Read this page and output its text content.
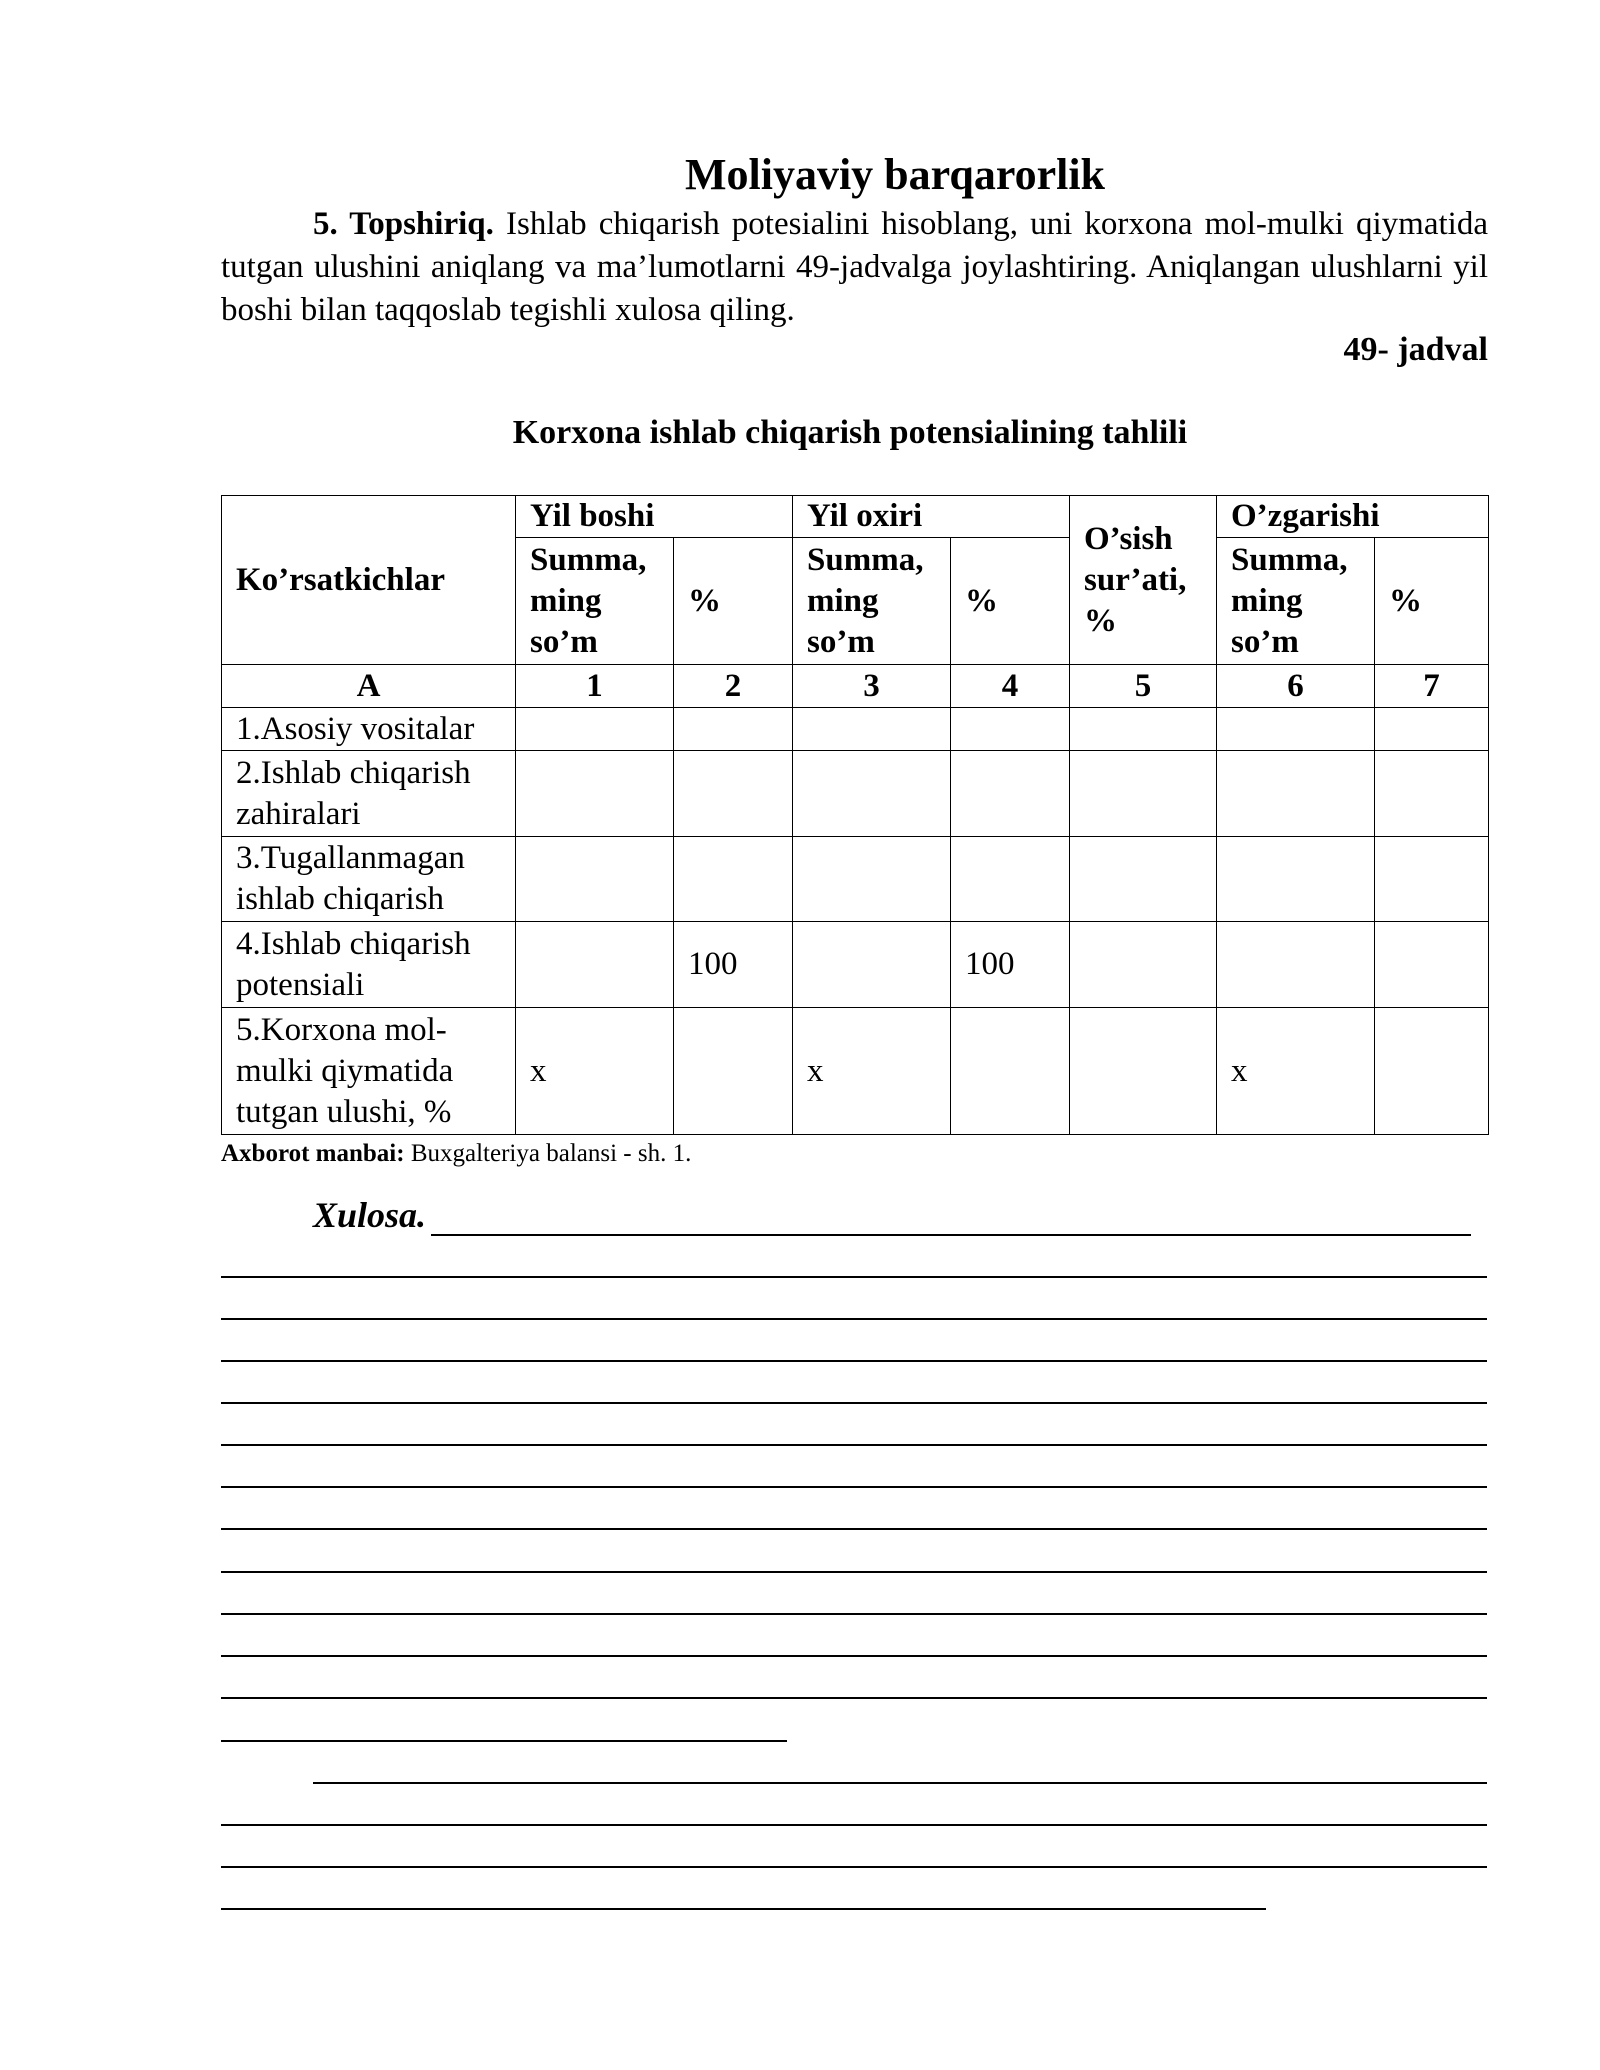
Moliyaviy barqarorlik
5. Topshiriq. Ishlab chiqarish potesialini hisoblang, uni korxona mol-mulki qiymatida tutgan ulushini aniqlang va ma’lumotlarni 49-jadvalga joylashtiring. Aniqlangan ulushlarni yil boshi bilan taqqoslab tegishli xulosa qiling.
49- jadval
Korxona ishlab chiqarish potensialining tahlili
Ko’rsatkichlar	Yil boshi		Yil oxiri		O’sish sur’ati, %	O’zgarishi	
	Summa, ming so’m	%	Summa, ming so’m	%		Summa, ming so’m	%
A	1	2	3	4	5	6	7
1.Asosiy vositalar							
2.Ishlab chiqarish zahiralari							
3.Tugallanmagan ishlab chiqarish							
4.Ishlab chiqarish potensiali		100		100			
5.Korxona mol-mulki qiymatida tutgan ulushi, %	x		x			x	
Axborot manbai: Buxgalteriya balansi - sh. 1.
Xulosa.
